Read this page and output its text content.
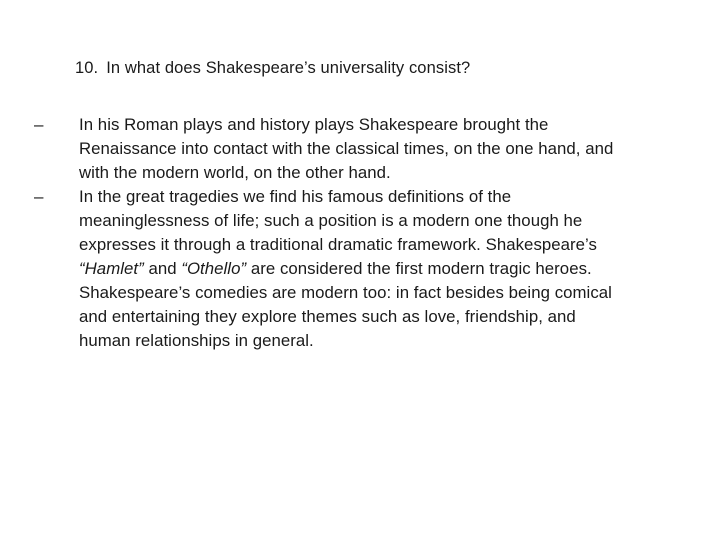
10. In what does Shakespeare’s universality consist?
– In his Roman plays and history plays Shakespeare brought the
Renaissance into contact with the classical times, on the one hand, and
with the modern world, on the other hand.
– In the great tragedies we find his famous definitions of the
meaninglessness of life; such a position is a modern one though he
expresses it through a traditional dramatic framework. Shakespeare’s
“Hamlet” and “Othello” are considered the first modern tragic heroes.
Shakespeare’s comedies are modern too: in fact besides being comical
and entertaining they explore themes such as love, friendship, and
human relationships in general.
